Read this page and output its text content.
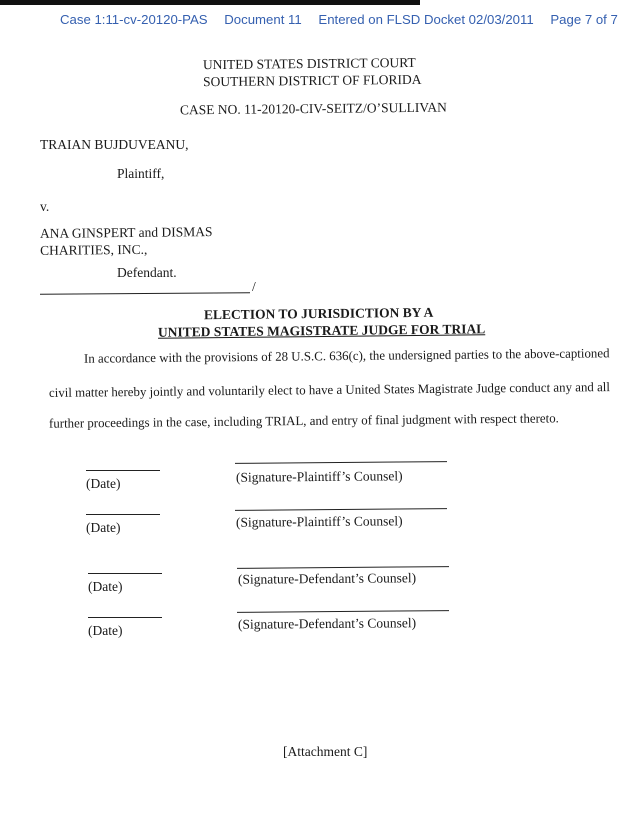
Case 1:11-cv-20120-PAS Document 11 Entered on FLSD Docket 02/03/2011 Page 7 of 7
UNITED STATES DISTRICT COURT
SOUTHERN DISTRICT OF FLORIDA
CASE NO. 11-20120-CIV-SEITZ/O’SULLIVAN
TRAIAN BUJDUVEANU,
Plaintiff,
v.
ANA GINSPERT and DISMAS
CHARITIES, INC.,
Defendant.
/
ELECTION TO JURISDICTION BY A
UNITED STATES MAGISTRATE JUDGE FOR TRIAL
In accordance with the provisions of 28 U.S.C. 636(c), the undersigned parties to the above-captioned
civil matter hereby jointly and voluntarily elect to have a United States Magistrate Judge conduct any and all
further proceedings in the case, including TRIAL, and entry of final judgment with respect thereto.
(Date)	(Signature-Plaintiff’s Counsel)
(Date)	(Signature-Plaintiff’s Counsel)
(Date)	(Signature-Defendant’s Counsel)
(Date)	(Signature-Defendant’s Counsel)
[Attachment C]
